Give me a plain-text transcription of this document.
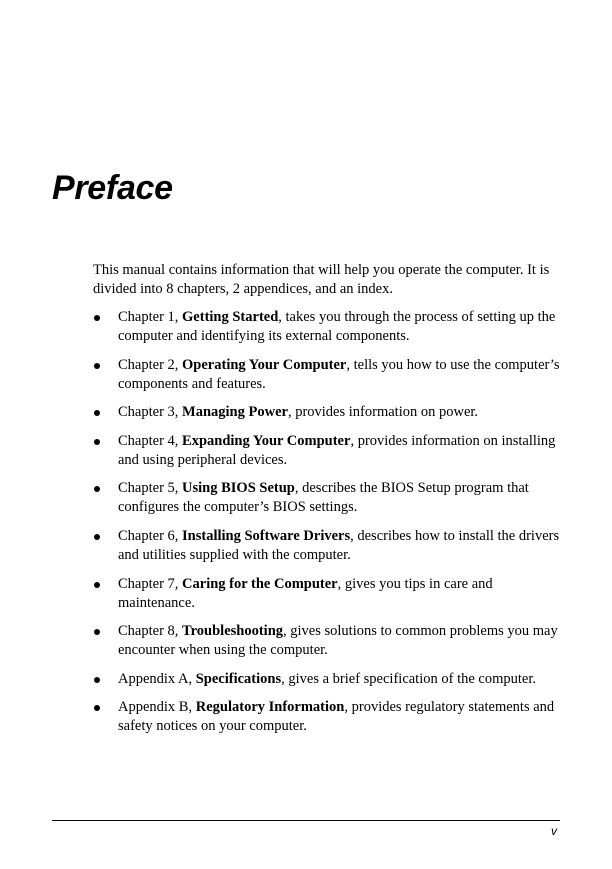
Preface

This manual contains information that will help you operate the computer. It is divided into 8 chapters, 2 appendices, and an index.

Chapter 1, Getting Started, takes you through the process of setting up the computer and identifying its external components.
Chapter 2, Operating Your Computer, tells you how to use the computer’s components and features.
Chapter 3, Managing Power, provides information on power.
Chapter 4, Expanding Your Computer, provides information on installing and using peripheral devices.
Chapter 5, Using BIOS Setup, describes the BIOS Setup program that configures the computer’s BIOS settings.
Chapter 6, Installing Software Drivers, describes how to install the drivers and utilities supplied with the computer.
Chapter 7, Caring for the Computer, gives you tips in care and maintenance.
Chapter 8, Troubleshooting, gives solutions to common problems you may encounter when using the computer.
Appendix A, Specifications, gives a brief specification of the computer.
Appendix B, Regulatory Information, provides regulatory statements and safety notices on your computer.
v
